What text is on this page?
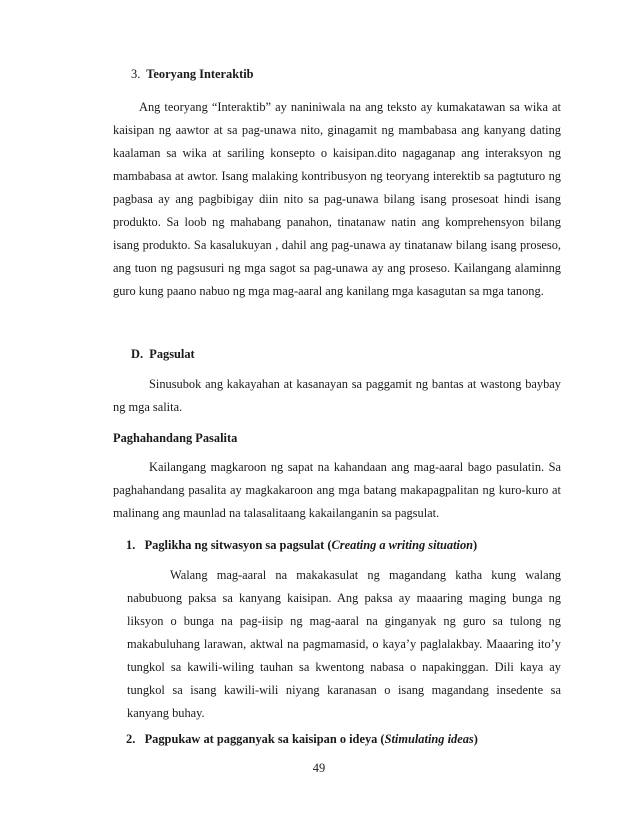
3. Teoryang Interaktib
Ang teoryang “Interaktib” ay naniniwala na ang teksto ay kumakatawan sa wika at
kaisipan ng aawtor at sa pag-unawa nito, ginagamit ng mambabasa ang kanyang dating
kaalaman sa wika at sariling konsepto o kaisipan.dito nagaganap ang interaksyon ng
mambabasa at awtor. Isang malaking kontribusyon ng teoryang interektib sa pagtuturo ng
pagbasa ay ang pagbibigay diin nito sa pag-unawa bilang isang prosesoat hindi isang
produkto. Sa loob ng mahabang panahon, tinatanaw natin ang komprehensyon bilang
isang produkto. Sa kasalukuyan , dahil ang pag-unawa ay tinatanaw bilang isang proseso,
ang tuon ng pagsusuri ng mga sagot sa pag-unawa ay ang proseso. Kailangang alaminng
guro kung paano nabuo ng mga mag-aaral ang kanilang mga kasagutan sa mga tanong.
D. Pagsulat
Sinusubok ang kakayahan at kasanayan sa paggamit ng bantas at wastong baybay
ng mga salita.
Paghahandang Pasalita
Kailangang magkaroon ng sapat na kahandaan ang mag-aaral bago pasulatin. Sa
paghahandang pasalita ay magkakaroon ang mga batang makapagpalitan ng kuro-kuro at
malinang ang maunlad na talasalitaang kakailanganin sa pagsulat.
1. Paglikha ng sitwasyon sa pagsulat (Creating a writing situation)
Walang mag-aaral na makakasulat ng magandang katha kung walang
nabubuong paksa sa kanyang kaisipan. Ang paksa ay maaaring maging bunga ng
liksyon o bunga na pag-iisip ng mag-aaral na ginganyak ng guro sa tulong ng
makabuluhang larawan, aktwal na pagmamasid, o kaya’y paglalakbay. Maaaring ito’y
tungkol sa kawili-wiling tauhan sa kwentong nabasa o napakinggan. Dili kaya ay
tungkol sa isang kawili-wili niyang karanasan o isang magandang insedente sa
kanyang buhay.
2. Pagpukaw at pagganyak sa kaisipan o ideya (Stimulating ideas)
49
